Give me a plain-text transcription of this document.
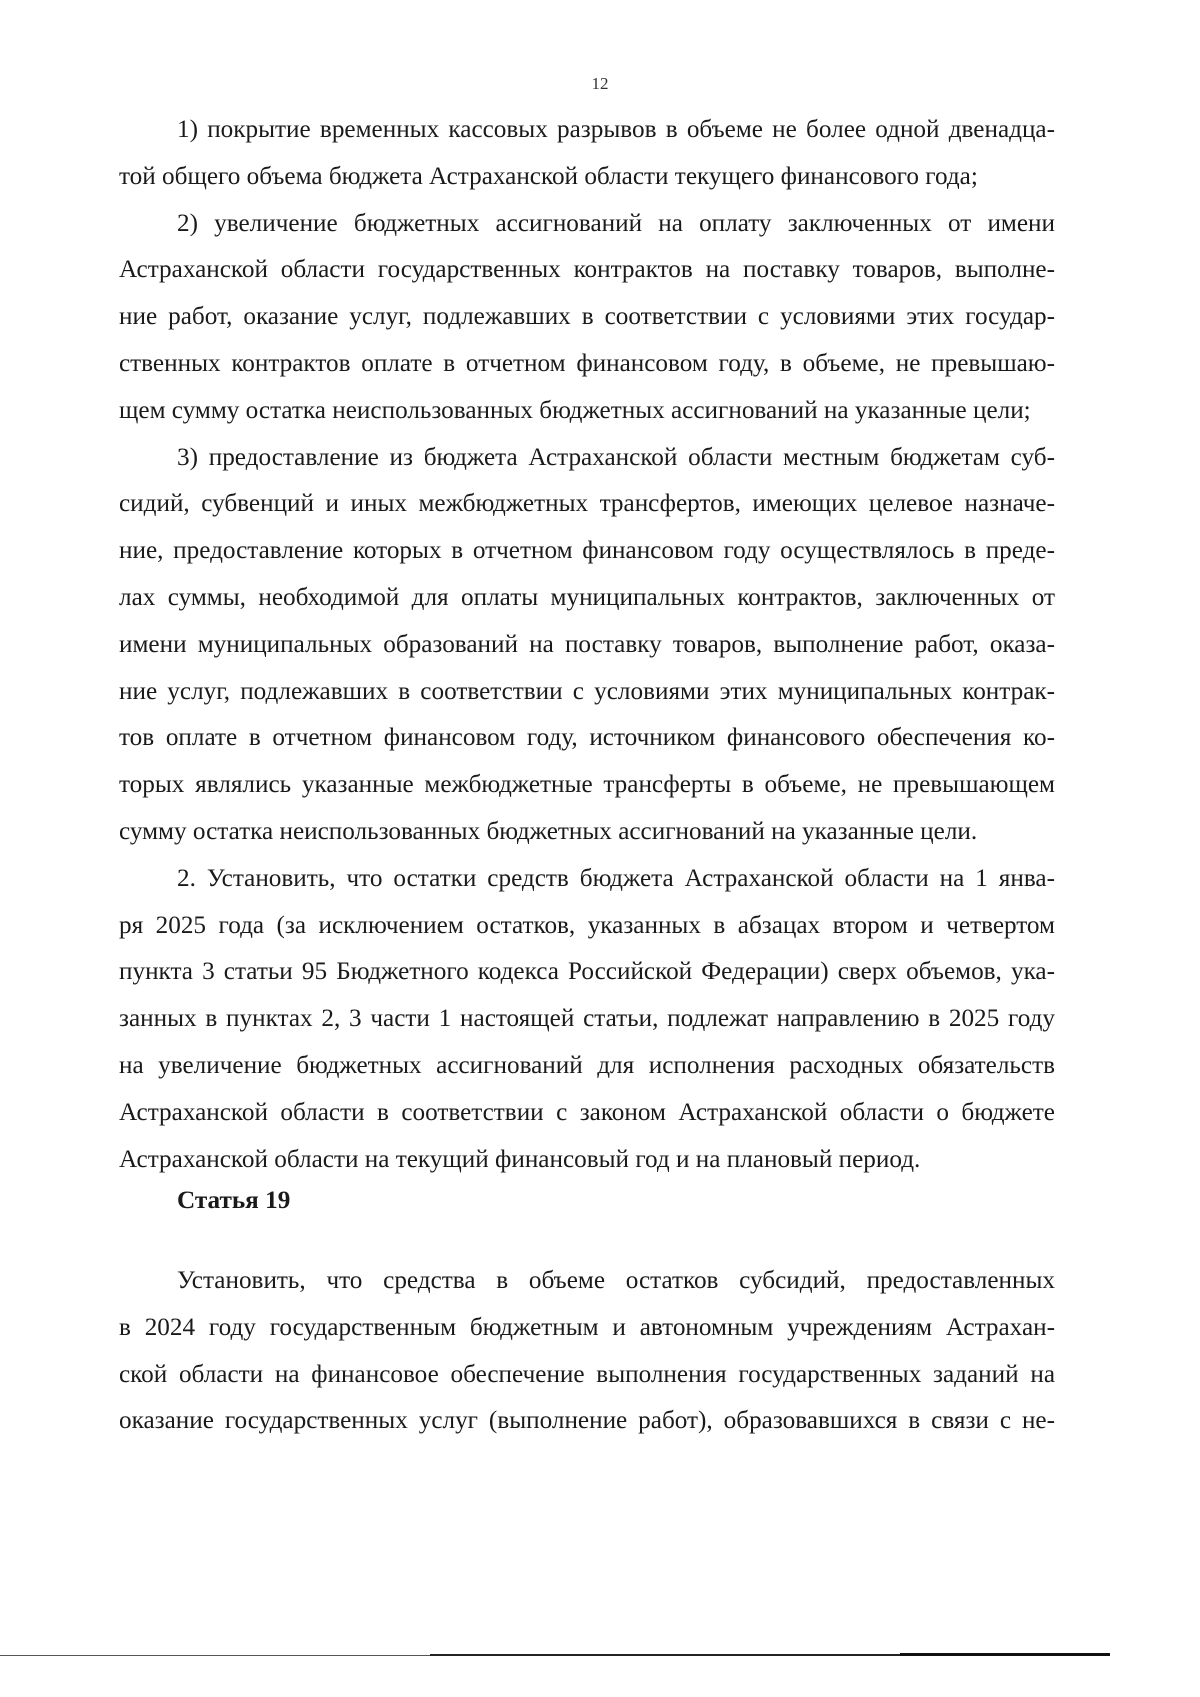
12
1) покрытие временных кассовых разрывов в объеме не более одной двенадца-
той общего объема бюджета Астраханской области текущего финансового года;
2) увеличение бюджетных ассигнований на оплату заключенных от имени
Астраханской области государственных контрактов на поставку товаров, выполне-
ние работ, оказание услуг, подлежавших в соответствии с условиями этих государ-
ственных контрактов оплате в отчетном финансовом году, в объеме, не превышаю-
щем сумму остатка неиспользованных бюджетных ассигнований на указанные цели;
3) предоставление из бюджета Астраханской области местным бюджетам суб-
сидий, субвенций и иных межбюджетных трансфертов, имеющих целевое назначе-
ние, предоставление которых в отчетном финансовом году осуществлялось в преде-
лах суммы, необходимой для оплаты муниципальных контрактов, заключенных от
имени муниципальных образований на поставку товаров, выполнение работ, оказа-
ние услуг, подлежавших в соответствии с условиями этих муниципальных контрак-
тов оплате в отчетном финансовом году, источником финансового обеспечения ко-
торых являлись указанные межбюджетные трансферты в объеме, не превышающем
сумму остатка неиспользованных бюджетных ассигнований на указанные цели.
2. Установить, что остатки средств бюджета Астраханской области на 1 янва-
ря 2025 года (за исключением остатков, указанных в абзацах втором и четвертом
пункта 3 статьи 95 Бюджетного кодекса Российской Федерации) сверх объемов, ука-
занных в пунктах 2, 3 части 1 настоящей статьи, подлежат направлению в 2025 году
на увеличение бюджетных ассигнований для исполнения расходных обязательств
Астраханской области в соответствии с законом Астраханской области о бюджете
Астраханской области на текущий финансовый год и на плановый период.
Статья 19
Установить, что средства в объеме остатков субсидий, предоставленных
в 2024 году государственным бюджетным и автономным учреждениям Астрахан-
ской области на финансовое обеспечение выполнения государственных заданий на
оказание государственных услуг (выполнение работ), образовавшихся в связи с не-
